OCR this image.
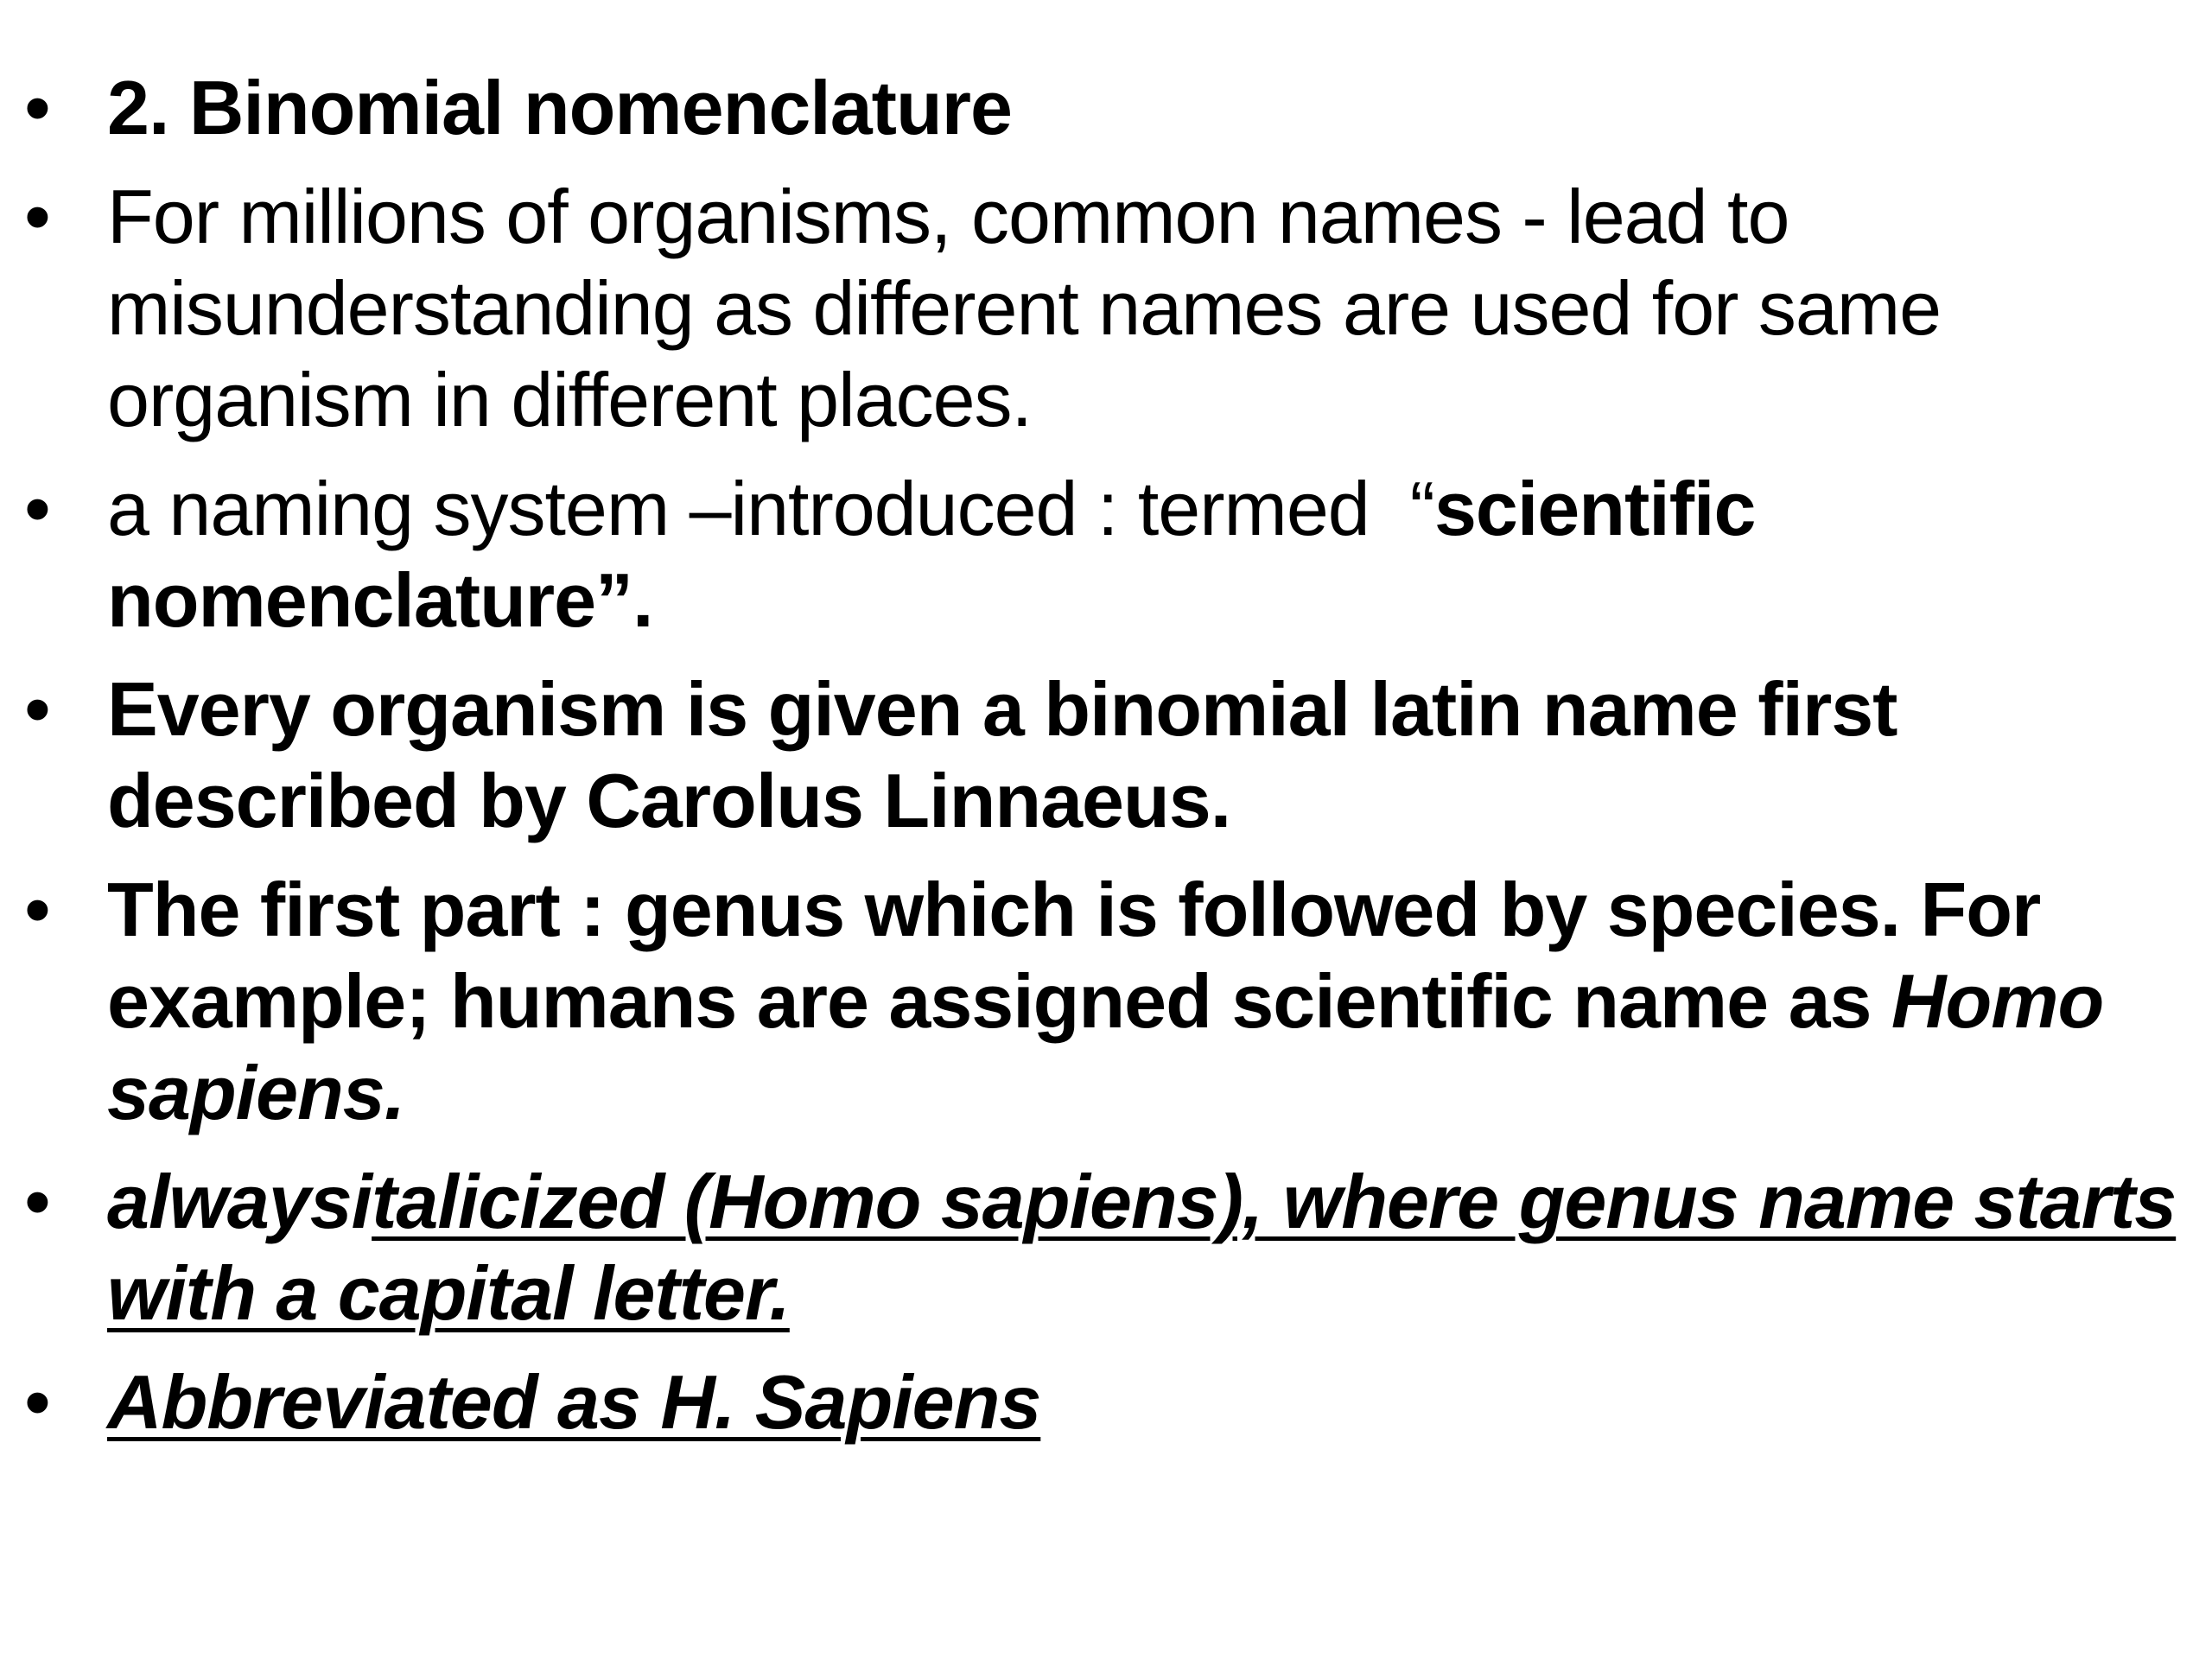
• 2. Binomial nomenclature
• For millions of organisms, common names - lead to misunderstanding as different names are used for same organism in different places.
• a naming system –introduced : termed  “scientific nomenclature”.
• Every organism is given a binomial latin name first described by Carolus Linnaeus.
• The first part : genus which is followed by species. For example; humans are assigned scientific name as Homo sapiens.
• alwaysitalicized (Homo sapiens), where genus name starts with a capital letter.
• Abbreviated as H. Sapiens
